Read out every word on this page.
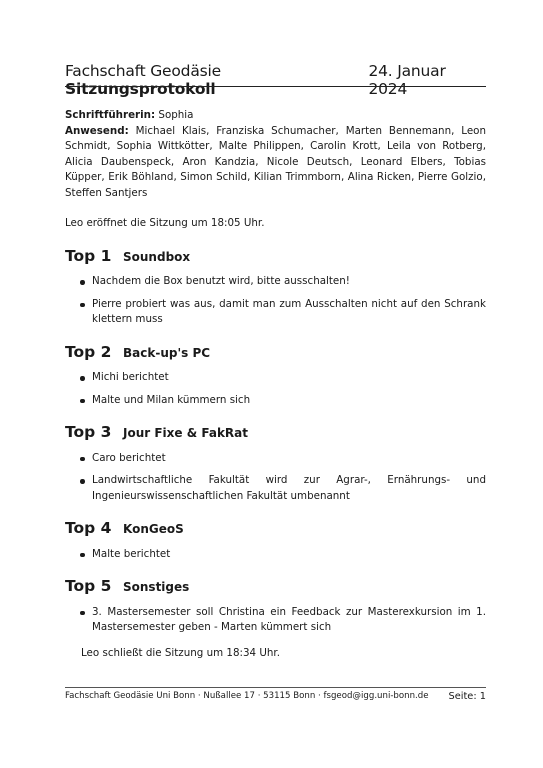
Fachschaft Geodäsie Sitzungsprotokoll
24. Januar 2024

Schriftführerin: Sophia

Anwesend: Michael Klais, Franziska Schumacher, Marten Bennemann, Leon Schmidt, Sophia Wittkötter, Malte Philippen, Carolin Krott, Leila von Rotberg, Alicia Daubenspeck, Aron Kandzia, Nicole Deutsch, Leonard Elbers, Tobias Küpper, Erik Böhland, Simon Schild, Kilian Trimmborn, Alina Ricken, Pierre Golzio, Steffen Santjers

Leo eröffnet die Sitzung um 18:05 Uhr.

Top 1 Soundbox
Nachdem die Box benutzt wird, bitte ausschalten!
Pierre probiert was aus, damit man zum Ausschalten nicht auf den Schrank klettern muss
Top 2 Back-up's PC
Michi berichtet
Malte und Milan kümmern sich
Top 3 Jour Fixe & FakRat
Caro berichtet
Landwirtschaftliche Fakultät wird zur Agrar-, Ernährungs- und Ingenieurswissenschaftlichen Fakultät umbenannt
Top 4 KonGeoS
Malte berichtet
Top 5 Sonstiges
3. Mastersemester soll Christina ein Feedback zur Masterexkursion im 1. Mastersemester geben - Marten kümmert sich

Leo schließt die Sitzung um 18:34 Uhr.

Fachschaft Geodäsie Uni Bonn · Nußallee 17 · 53115 Bonn · fsgeod@igg.uni-bonn.de Seite: 1
